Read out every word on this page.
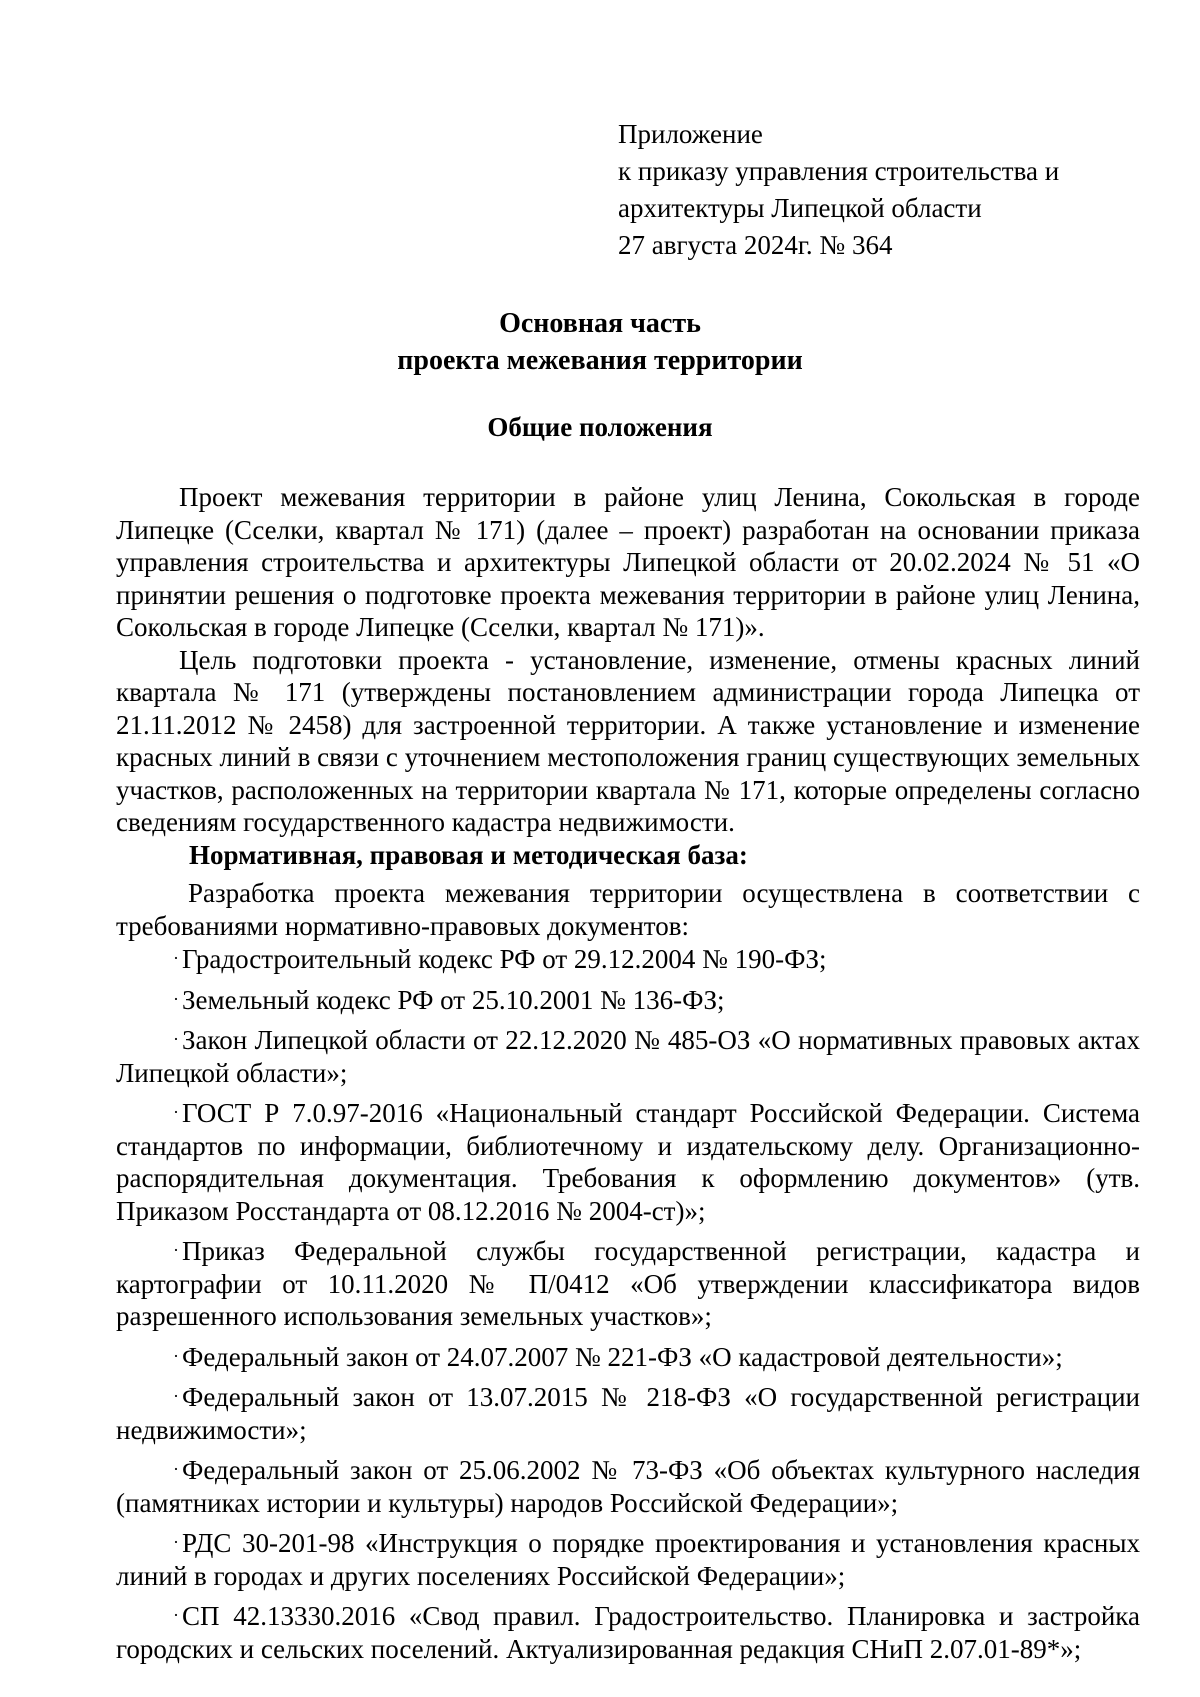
Приложение
к приказу управления строительства и
архитектуры Липецкой области
27 августа 2024г. № 364
Основная часть
проекта межевания территории
Общие положения

Проект межевания территории в районе улиц Ленина, Сокольская в городе Липецке (Сселки, квартал № 171) (далее – проект) разработан на основании приказа управления строительства и архитектуры Липецкой области от 20.02.2024 № 51 «О принятии решения о подготовке проекта межевания территории в районе улиц Ленина, Сокольская в городе Липецке (Сселки, квартал № 171)».

Цель подготовки проекта - установление, изменение, отмены красных линий квартала № 171 (утверждены постановлением администрации города Липецка от 21.11.2012 № 2458) для застроенной территории. А также установление и изменение красных линий в связи с уточнением местоположения границ существующих земельных участков, расположенных на территории квартала № 171, которые определены согласно сведениям государственного кадастра недвижимости.

Нормативная, правовая и методическая база:

Разработка проекта межевания территории осуществлена в соответствии с требованиями нормативно-правовых документов:

· Градостроительный кодекс РФ от 29.12.2004 № 190-ФЗ;

· Земельный кодекс РФ от 25.10.2001 № 136-ФЗ;

· Закон Липецкой области от 22.12.2020 № 485-ОЗ «О нормативных правовых актах Липецкой области»;

· ГОСТ Р 7.0.97-2016 «Национальный стандарт Российской Федерации. Система стандартов по информации, библиотечному и издательскому делу. Организационно-распорядительная документация. Требования к оформлению документов» (утв. Приказом Росстандарта от 08.12.2016 № 2004-ст)»;

· Приказ Федеральной службы государственной регистрации, кадастра и картографии от 10.11.2020 № П/0412 «Об утверждении классификатора видов разрешенного использования земельных участков»;

· Федеральный закон от 24.07.2007 № 221-ФЗ «О кадастровой деятельности»;

· Федеральный закон от 13.07.2015 № 218-ФЗ «О государственной регистрации недвижимости»;

· Федеральный закон от 25.06.2002 № 73-ФЗ «Об объектах культурного наследия (памятниках истории и культуры) народов Российской Федерации»;

· РДС 30-201-98 «Инструкция о порядке проектирования и установления красных линий в городах и других поселениях Российской Федерации»;

· СП 42.13330.2016 «Свод правил. Градостроительство. Планировка и застройка городских и сельских поселений. Актуализированная редакция СНиП 2.07.01-89*»;
